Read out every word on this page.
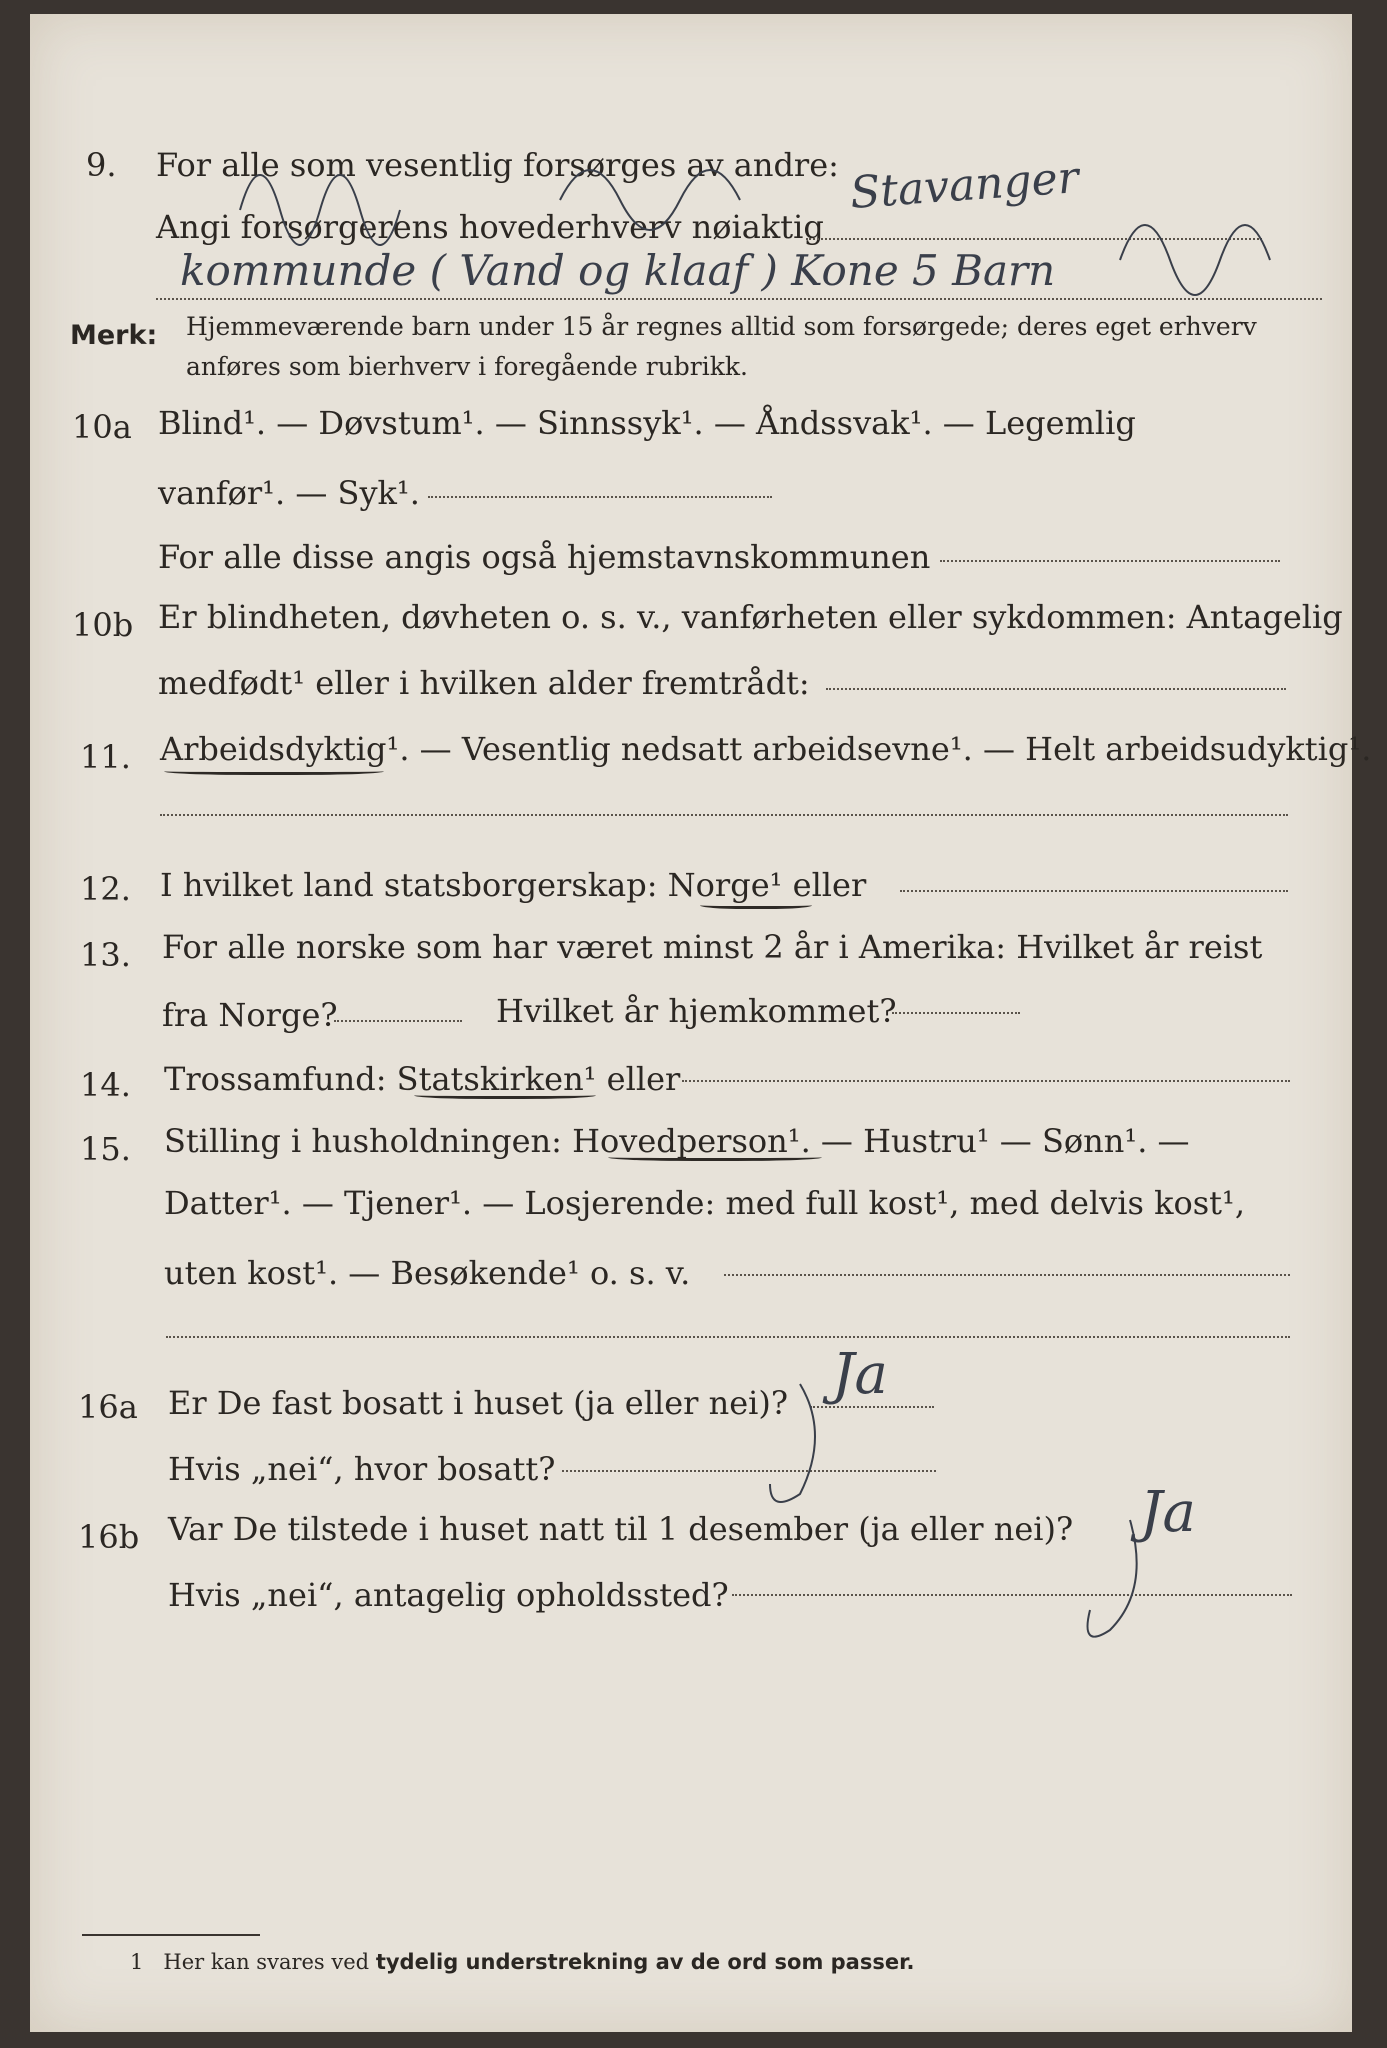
9. For alle som vesentlig forsørges av andre:
Angi forsørgerens hovederhverv nøiaktig
Stavanger
kommunde ( Vand og klaaf ) Kone 5 Barn
Merk: Hjemmeværende barn under 15 år regnes alltid som forsørgede; deres eget erhverv
anføres som bierhverv i foregående rubrikk.
10a Blind¹. — Døvstum¹. — Sinnssyk¹. — Åndssvak¹. — Legemlig
vanfør¹. — Syk¹.
For alle disse angis også hjemstavnskommunen
10b Er blindheten, døvheten o. s. v., vanførheten eller sykdommen: Antagelig
medfødt¹ eller i hvilken alder fremtrådt:
11. Arbeidsdyktig¹. — Vesentlig nedsatt arbeidsevne¹. — Helt arbeidsudyktig¹.
12. I hvilket land statsborgerskap: Norge¹ eller
13. For alle norske som har været minst 2 år i Amerika: Hvilket år reist
fra Norge?	Hvilket år hjemkommet?
14. Trossamfund: Statskirken¹ eller
15. Stilling i husholdningen: Hovedperson¹. — Hustru¹ — Sønn¹. —
Datter¹. — Tjener¹. — Losjerende: med full kost¹, med delvis kost¹,
uten kost¹. — Besøkende¹ o. s. v.
16a Er De fast bosatt i huset (ja eller nei)? Ja
Hvis „nei“, hvor bosatt?
16b Var De tilstede i huset natt til 1 desember (ja eller nei)? Ja
Hvis „nei“, antagelig opholdssted?
1 Her kan svares ved tydelig understrekning av de ord som passer.
